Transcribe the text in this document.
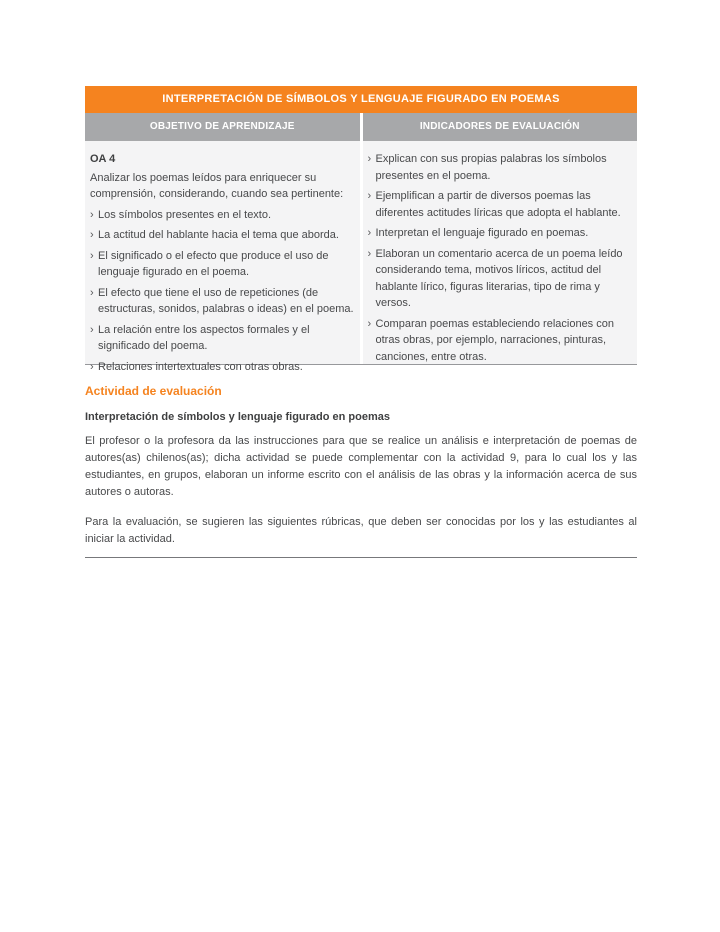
INTERPRETACIÓN DE SÍMBOLOS Y LENGUAJE FIGURADO EN POEMAS
OBJETIVO DE APRENDIZAJE	INDICADORES DE EVALUACIÓN
OA 4
Analizar los poemas leídos para enriquecer su comprensión, considerando, cuando sea pertinente:
› Los símbolos presentes en el texto.
› La actitud del hablante hacia el tema que aborda.
› El significado o el efecto que produce el uso de lenguaje figurado en el poema.
› El efecto que tiene el uso de repeticiones (de estructuras, sonidos, palabras o ideas) en el poema.
› La relación entre los aspectos formales y el significado del poema.
› Relaciones intertextuales con otras obras.
› Explican con sus propias palabras los símbolos presentes en el poema.
› Ejemplifican a partir de diversos poemas las diferentes actitudes líricas que adopta el hablante.
› Interpretan el lenguaje figurado en poemas.
› Elaboran un comentario acerca de un poema leído considerando tema, motivos líricos, actitud del hablante lírico, figuras literarias, tipo de rima y versos.
› Comparan poemas estableciendo relaciones con otras obras, por ejemplo, narraciones, pinturas, canciones, entre otras.
Actividad de evaluación
Interpretación de símbolos y lenguaje figurado en poemas

El profesor o la profesora da las instrucciones para que se realice un análisis e interpretación de poemas de autores(as) chilenos(as); dicha actividad se puede complementar con la actividad 9, para lo cual los y las estudiantes, en grupos, elaboran un informe escrito con el análisis de las obras y la información acerca de sus autores o autoras.

Para la evaluación, se sugieren las siguientes rúbricas, que deben ser conocidas por los y las estudiantes al iniciar la actividad.
